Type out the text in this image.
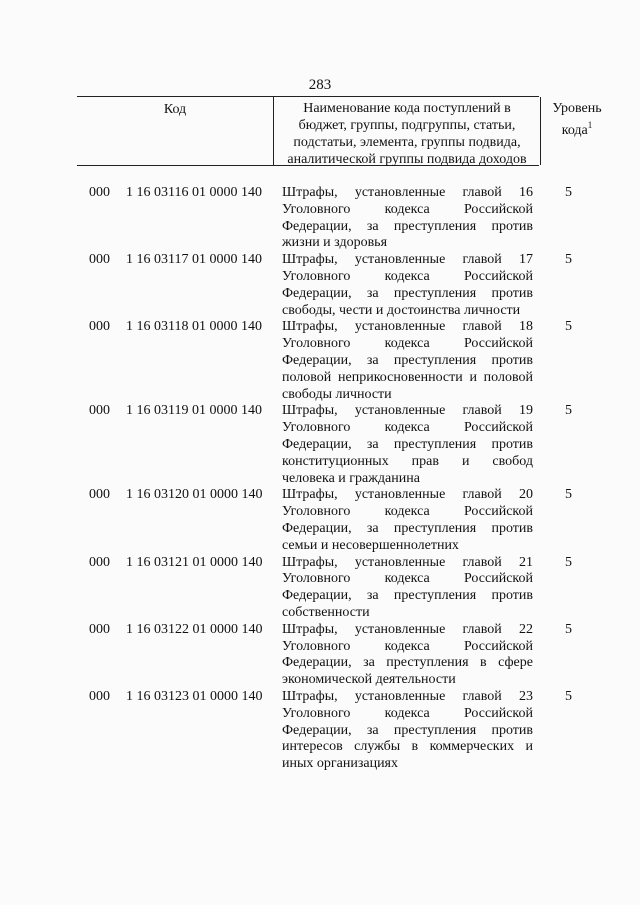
283
Код	Наименование кода поступлений в
бюджет, группы, подгруппы, статьи,
подстатьи, элемента, группы подвида,
аналитической группы подвида доходов
Уровень
кода$^1$
000 1 16 03116 01 0000 140 Штрафы, установленные главой 16
Уголовного кодекса Российской
Федерации, за преступления против
жизни и здоровья
5
000 1 16 03117 01 0000 140 Штрафы, установленные главой 17
Уголовного кодекса Российской
Федерации, за преступления против
свободы, чести и достоинства личности
5
000 1 16 03118 01 0000 140 Штрафы, установленные главой 18
Уголовного кодекса Российской
Федерации, за преступления против
половой неприкосновенности и половой
свободы личности
5
000 1 16 03119 01 0000 140 Штрафы, установленные главой 19
Уголовного кодекса Российской
Федерации, за преступления против
конституционных прав и свобод
человека и гражданина
5
000 1 16 03120 01 0000 140 Штрафы, установленные главой 20
Уголовного кодекса Российской
Федерации, за преступления против
семьи и несовершеннолетних
5
000 1 16 03121 01 0000 140 Штрафы, установленные главой 21
Уголовного кодекса Российской
Федерации, за преступления против
собственности
5
000 1 16 03122 01 0000 140 Штрафы, установленные главой 22
Уголовного кодекса Российской
Федерации, за преступления в сфере
экономической деятельности
5
000 1 16 03123 01 0000 140 Штрафы, установленные главой 23
Уголовного кодекса Российской
Федерации, за преступления против
интересов службы в коммерческих и
иных организациях
5
